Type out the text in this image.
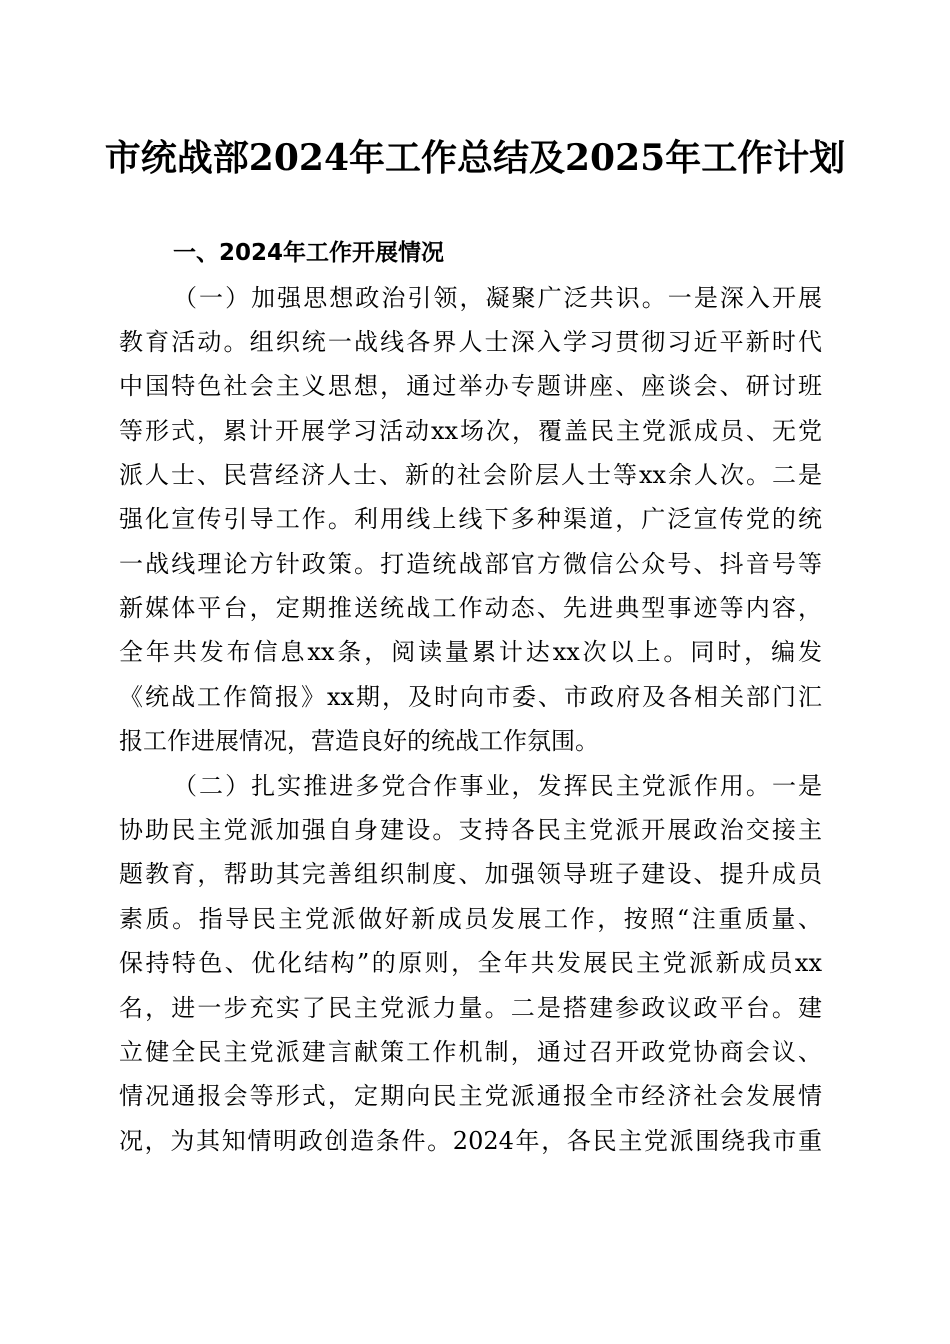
市统战部2024年工作总结及2025年工作计划
一、2024年工作开展情况
（一）加强思想政治引领，凝聚广泛共识。一是深入开展
教育活动。组织统一战线各界人士深入学习贯彻习近平新时代
中国特色社会主义思想，通过举办专题讲座、座谈会、研讨班
等形式，累计开展学习活动xx场次，覆盖民主党派成员、无党
派人士、民营经济人士、新的社会阶层人士等xx余人次。二是
强化宣传引导工作。利用线上线下多种渠道，广泛宣传党的统
一战线理论方针政策。打造统战部官方微信公众号、抖音号等
新媒体平台，定期推送统战工作动态、先进典型事迹等内容，
全年共发布信息xx条，阅读量累计达xx次以上。同时，编发
《统战工作简报》xx期，及时向市委、市政府及各相关部门汇
报工作进展情况，营造良好的统战工作氛围。
（二）扎实推进多党合作事业，发挥民主党派作用。一是
协助民主党派加强自身建设。支持各民主党派开展政治交接主
题教育，帮助其完善组织制度、加强领导班子建设、提升成员
素质。指导民主党派做好新成员发展工作，按照“注重质量、
保持特色、优化结构”的原则，全年共发展民主党派新成员xx
名，进一步充实了民主党派力量。二是搭建参政议政平台。建
立健全民主党派建言献策工作机制，通过召开政党协商会议、
情况通报会等形式，定期向民主党派通报全市经济社会发展情
况，为其知情明政创造条件。2024年，各民主党派围绕我市重
